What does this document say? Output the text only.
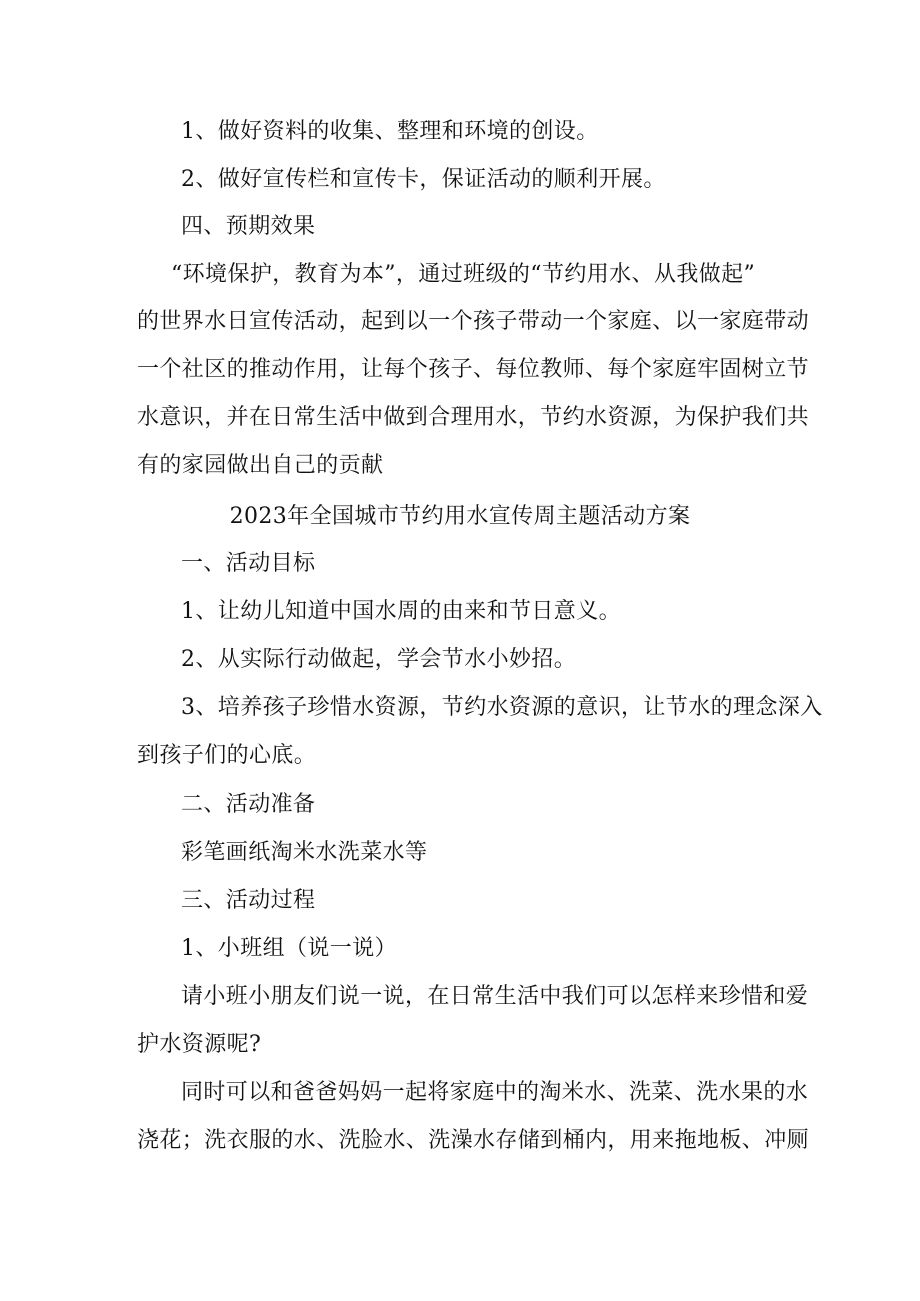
1、做好资料的收集、整理和环境的创设。
2、做好宣传栏和宣传卡，保证活动的顺利开展。
四、预期效果
“环境保护，教育为本”，通过班级的“节约用水、从我做起”
的世界水日宣传活动，起到以一个孩子带动一个家庭、以一家庭带动
一个社区的推动作用，让每个孩子、每位教师、每个家庭牢固树立节
水意识，并在日常生活中做到合理用水，节约水资源，为保护我们共
有的家园做出自己的贡献
2023年全国城市节约用水宣传周主题活动方案
一、活动目标
1、让幼儿知道中国水周的由来和节日意义。
2、从实际行动做起，学会节水小妙招。
3、培养孩子珍惜水资源，节约水资源的意识，让节水的理念深入
到孩子们的心底。
二、活动准备
彩笔画纸淘米水洗菜水等
三、活动过程
1、小班组（说一说）
请小班小朋友们说一说，在日常生活中我们可以怎样来珍惜和爱
护水资源呢?
同时可以和爸爸妈妈一起将家庭中的淘米水、洗菜、洗水果的水
浇花；洗衣服的水、洗脸水、洗澡水存储到桶内，用来拖地板、冲厕
